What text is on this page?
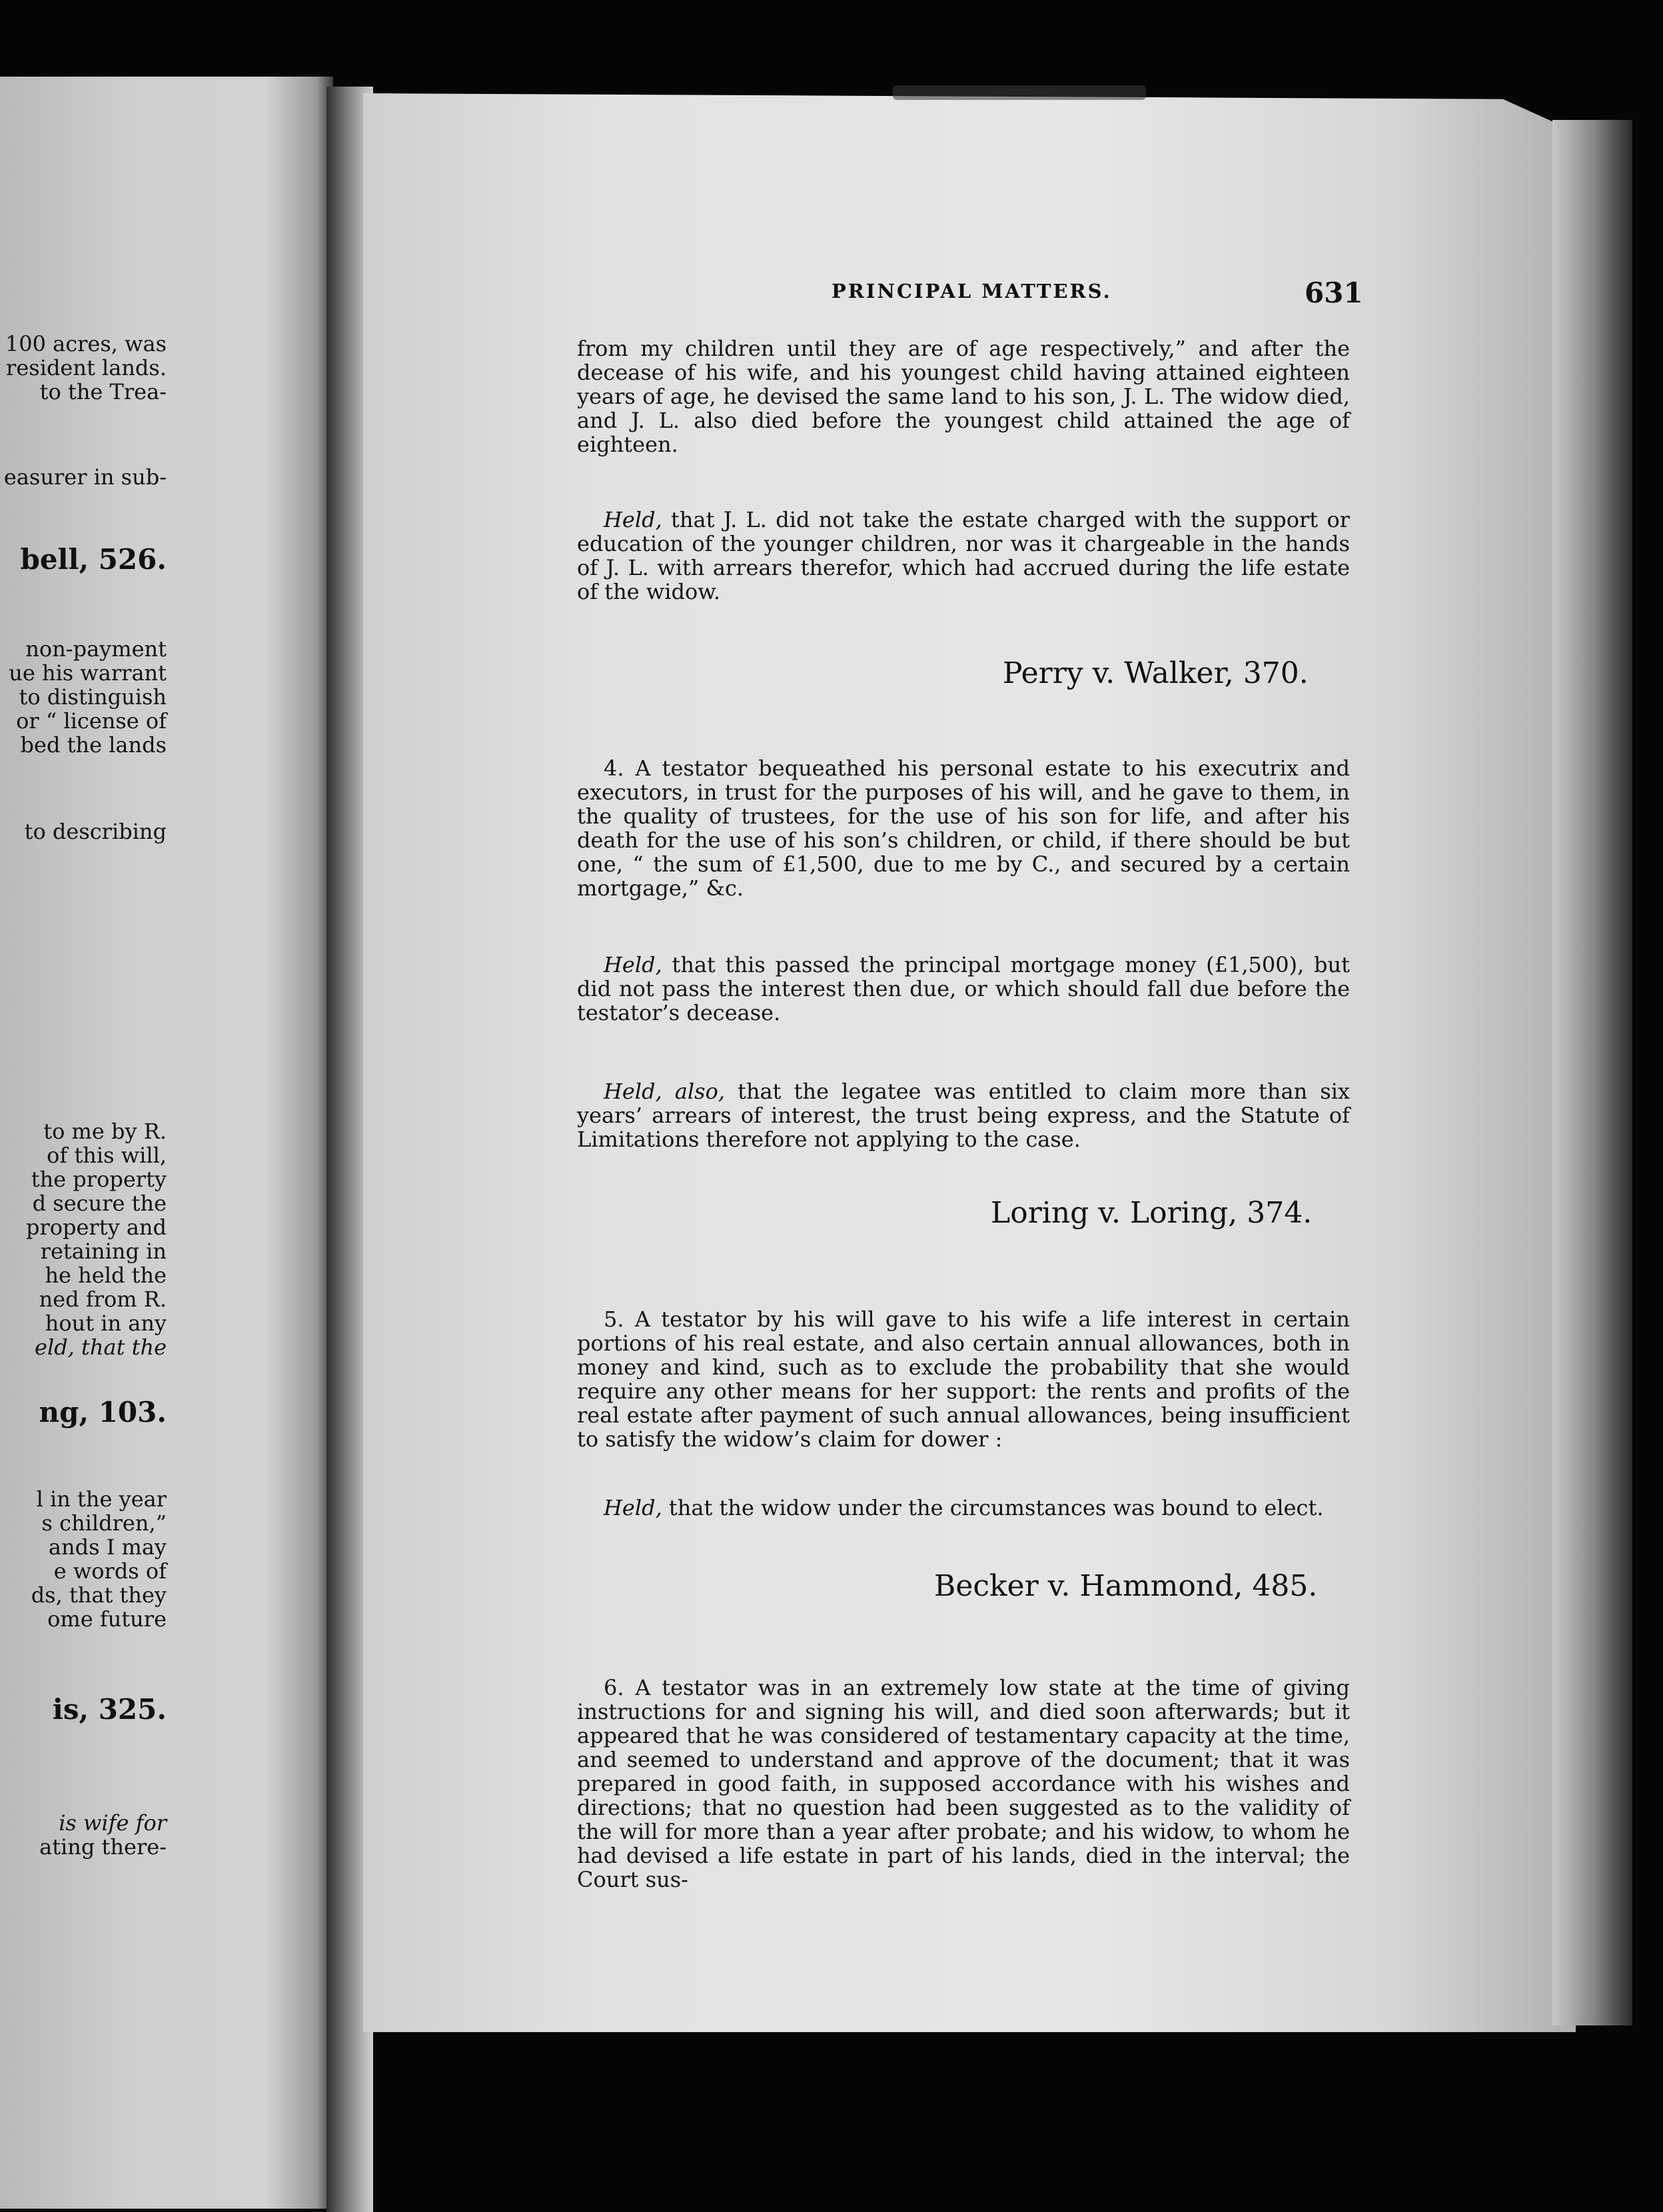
100 acres, was
resident lands.
to the Trea-
easurer in sub-
bell, 526.
non-payment
ue his warrant
to distinguish
or “ license of
bed the lands
to describing
to me by R.
of this will,
the property
d secure the
property and
retaining in
he held the
ned from R.
hout in any
eld, that the
ng, 103.
l in the year
s children,”
ands I may
e words of
ds, that they
ome future
is, 325.
is wife for
ating there-
PRINCIPAL MATTERS.	631
from my children until they are of age respectively,” and after the decease of his wife, and his youngest child having attained eighteen years of age, he devised the same land to his son, J. L. The widow died, and J. L. also died before the youngest child attained the age of eighteen.
Held, that J. L. did not take the estate charged with the support or education of the younger children, nor was it chargeable in the hands of J. L. with arrears therefor, which had accrued during the life estate of the widow.
Perry v. Walker, 370.
4. A testator bequeathed his personal estate to his executrix and executors, in trust for the purposes of his will, and he gave to them, in the quality of trustees, for the use of his son for life, and after his death for the use of his son’s children, or child, if there should be but one, “ the sum of £1,500, due to me by C., and secured by a certain mortgage,” &c.
Held, that this passed the principal mortgage money (£1,500), but did not pass the interest then due, or which should fall due before the testator’s decease.
Held, also, that the legatee was entitled to claim more than six years’ arrears of interest, the trust being express, and the Statute of Limitations therefore not applying to the case.
Loring v. Loring, 374.
5. A testator by his will gave to his wife a life interest in certain portions of his real estate, and also certain annual allowances, both in money and kind, such as to exclude the probability that she would require any other means for her support: the rents and profits of the real estate after payment of such annual allowances, being insufficient to satisfy the widow’s claim for dower :
Held, that the widow under the circumstances was bound to elect.
Becker v. Hammond, 485.
6. A testator was in an extremely low state at the time of giving instructions for and signing his will, and died soon afterwards; but it appeared that he was considered of testamentary capacity at the time, and seemed to understand and approve of the document; that it was prepared in good faith, in supposed accordance with his wishes and directions; that no question had been suggested as to the validity of the will for more than a year after probate; and his widow, to whom he had devised a life estate in part of his lands, died in the interval; the Court sus-
